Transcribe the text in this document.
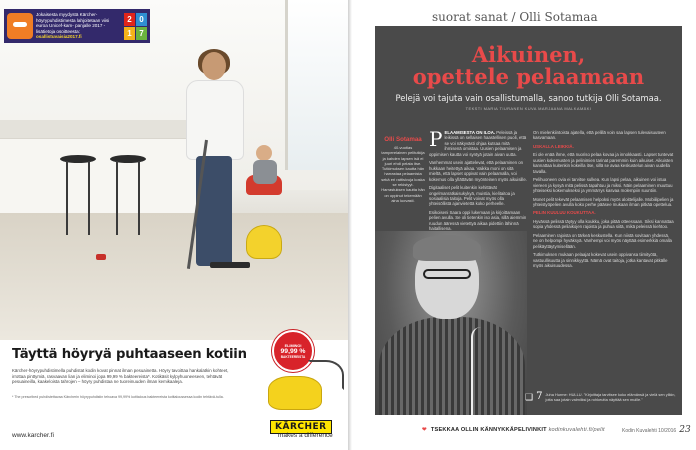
Jokaisesta myydystä Kärcher-höyrypuhdistimesta lahjoitetaan viisi euroa Unicef-kam- panjalle 2017 - lisätietoja osoitteesta: osallistuvaisia2017.fi
2 0
1 7
Täyttä höyryä puhtaaseen kotiin

Kärcher-höyrypuhdistimella puhdistat kodin kovat pinnat ilman pesuainetta. Höyry tavoittaa hankalatkin kohteet, irrottaa pinttymiä, rasvaavan lian ja eliminoi jopa 99,99 % bakteereista*. Kotikäsit kylpyhuoneeseen, tehtävät pesuaineilla, kaakeloista tahrojen – höyry puhdistaa ne tuoreinuuden ilman kemikaaleja.

* The prescribed puhdistettavaa Kärcherin höyrypuhdistin tehoava 99,99% kotitalous bakteereista kotitaloussessa kodin tehtävä-tulla.

www.karcher.fi
ELIMINOI
99,99 %
BAKTEEREISTA
KÄRCHER
makes a difference
suorat sanat / Olli Sotamaa
Aikuinen,
opettele pelaamaan
Pelejä voi tajuta vain osallistumalla, sanoo tutkija Olli Sotamaa.
TEKSTI MARIA TIURANEN KUVA MARJAANA MALKAMÄKI
Olli Sotamaa
40-vuotias tamperelainen pelitutkija ja kahden lapsen isä ei juuri ehdi pelata itse. Tutkimuksen kautta hän harrastaa pelaamista sekä eri rattisivuja koska se rekistyyt. Harrastuksen kautta hän on oppinut tekemään aina luovasti.

PELAAMISESTA ON ILOA. Peleissä ja leikissä on sellaisen haastellisen puoli, että se voi näkyvästi ohjaa kutsaa mitä ihmisenä omistaa. Uusien pelaamisen ja oppimisen kautta voi syntyä jotain aivan uutta.

Vanhemmat usein ajattelevat, että pelaaminen on hukkaan heitettyä aikaa. Vaikka moni on sitä mieltä, että lapset oppivat vain pelaamalla, voi kokemus olla yllättävän myönteinen myös aikuisille.

Digitaaliset pelit kuitenkin kehittävät ongelmanratkaisukykyä, muistia, kielitaitoa ja sosiaalisia taitoja. Pelit voivat myös olla yhteisöllistä ajanvietettä koko perheelle.

Esikoiseni Saara oppi lukemaan ja kirjoittamaan pelien avulla. Se oli tietenkin iso asia, sillä aiemmin ruudun ääressä vietettyä aikaa pidettiin lähinnä haitallisena.

On mielenkiintoista ajatella, että pelillä voin saa lapsen tulevaisuuteen kasvamaan.

USKALLA LEIKKIÄ.

Ei ole enää ihme, että nuoriso pelaa kovaa ja innokkaasti. Lapset tuntevat uusien kokemusten ja pelinimien tarinat paremmin kuin aikuiset. Aikuisten kannattaa kuitenkin kokeilla itse, sillä se avaa keskustelun aivan uudella tavalla.

Pelihuoneen ovia ei tarvitse sulkea. Kun lapsi pelaa, aikuinen voi istua viereen ja kysyä mitä pelissä tapahtuu ja miksi. Näin pelaaminen muuttuu yhteiseksi kokemukseksi ja ymmärrys kasvaa molempiin suuntiin.

Monet pelit tekevät pelaamisen helpoksi myös aloittelijalle. Mobiilipelien ja yhteistyöpelien avulla koko perhe pääsee mukaan ilman pitkää opettelua.

PELIN KUULUU KOUKUTTAA.

Hyvässä pelissä täytyy olla koukku, joka pitää otteessaan. Siksi kannattaa sopia yhdessä peliaikojen rajoista ja puhua siitä, mikä peleissä kiehtoo.

Pelaaminen rajoista on tärkeä keskustella. Kun niistä sovitaan yhdessä, ne on helpompi hyväksyä. Vanhempi voi myös näyttää esimerkkiä omalla pelikäyttäytymisellään.

Tutkimuksen mukaan pelaajat kokevat usein oppivansa tiimityötä, vastuullisuutta ja sinnikkyyttä. Nämä ovat taitoja, jotka kantavat pitkälle myös aikuisuudessa.

❑ 7 Juha Hurme: HULLU. "Kirjoittaja tarvitsee koko elämänsä ja vielä sen ylikin, jotta saa jotain valmiiksi ja rohkeutta näyttää sen muille."
❤ TSEKKAA OLLIN KÄNNYKKÄPELIVINKIT kodinkuvalehti.fi/pelit	Kodin Kuvalehti 10/2016 23
